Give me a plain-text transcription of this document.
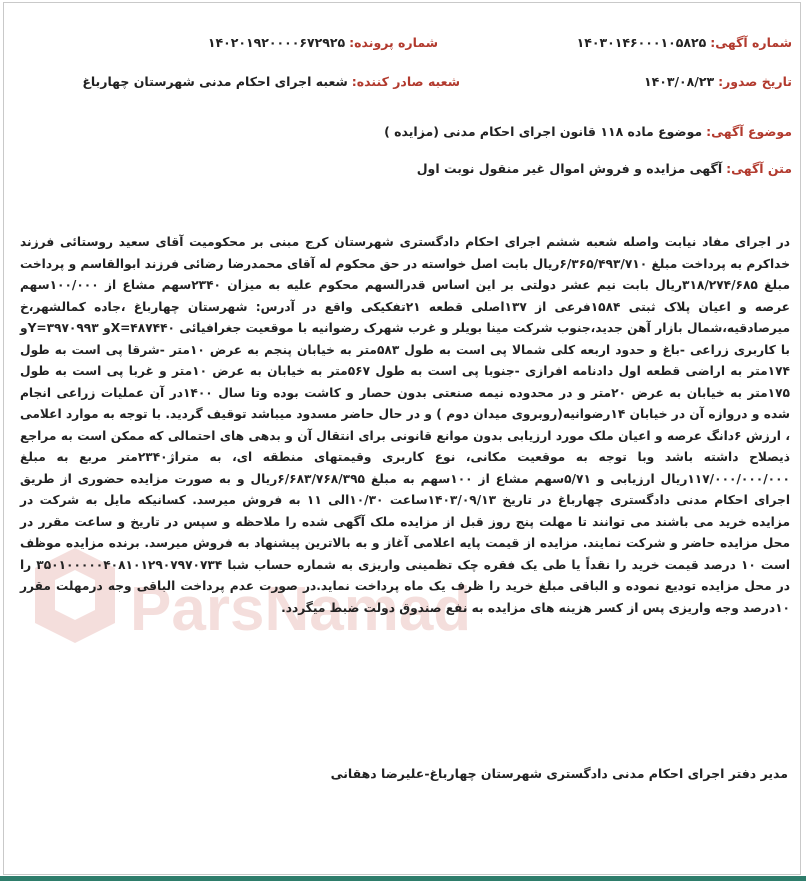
شماره آگهی: ۱۴۰۳۰۱۴۶۰۰۰۱۰۵۸۲۵
شماره پرونده: ۱۴۰۲۰۱۹۲۰۰۰۰۶۷۲۹۲۵
تاریخ صدور: ۱۴۰۳/۰۸/۲۳
شعبه صادر کننده: شعبه اجرای احکام مدنی شهرستان چهارباغ
موضوع آگهی: موضوع ماده ۱۱۸ قانون اجرای احکام مدنی (مزایده )
متن آگهی: آگهی مزایده و فروش اموال غیر منقول نوبت اول
ParsNamad
در اجرای مفاد نیابت واصله شعبه ششم اجرای احکام دادگستری شهرستان کرج مبنی بر محکومیت آقای سعید روستائی فرزند خداکرم به پرداخت مبلغ ۶/۳۶۵/۴۹۳/۷۱۰ریال بابت اصل خواسته در حق محکوم له آقای محمدرضا رضائی فرزند ابوالقاسم و پرداخت مبلغ ۳۱۸/۲۷۴/۶۸۵ریال بابت نیم عشر دولتی بر این اساس قدرالسهم محکوم علیه به میزان ۲۳۴۰سهم مشاع از ۱۰۰/۰۰۰سهم عرصه و اعیان پلاک ثبتی ۱۵۸۴فرعی از ۱۳۷اصلی قطعه ۲۱تفکیکی واقع در آدرس: شهرستان چهارباغ ،جاده کمالشهر،خ میرصادقیه،شمال بازار آهن جدید،جنوب شرکت مینا بویلر و غرب شهرک رضوانیه با موقعیت جغرافیائی X=۴۸۷۴۴۰و Y=۳۹۷۰۹۹۳و با کاربری زراعی -باغ و حدود اربعه کلی شمالا پی است به طول ۵۸۳متر به خیابان پنجم به عرض ۱۰متر -شرقا پی است به طول ۱۷۴متر به اراضی قطعه اول دادنامه افرازی -جنوبا پی است به طول ۵۶۷متر به خیابان به عرض ۱۰متر و غربا پی است به طول ۱۷۵متر به خیابان به عرض ۲۰متر و در محدوده نیمه صنعتی بدون حصار و کاشت بوده وتا سال ۱۴۰۰در آن عملیات زراعی انجام شده و دروازه آن در خیابان ۱۴رضوانیه(روبروی میدان دوم ) و در حال حاضر مسدود میباشد توقیف گردید. با توجه به موارد اعلامی ، ارزش ۶دانگ عرصه و اعیان ملک مورد ارزیابی بدون موانع قانونی برای انتقال آن و بدهی های احتمالی که ممکن است به مراجع ذیصلاح داشته باشد وبا توجه به موقعیت مکانی، نوع کاربری وقیمتهای منطقه ای، به متراژ۲۳۴۰متر مربع به مبلغ ۱۱۷/۰۰۰/۰۰۰/۰۰۰ریال ارزیابی و ۵/۷۱سهم مشاع از ۱۰۰سهم به مبلغ ۶/۶۸۳/۷۶۸/۳۹۵ریال و به صورت مزایده حضوری از طریق اجرای احکام مدنی دادگستری چهارباغ در تاریخ ۱۴۰۳/۰۹/۱۳ساعت ۱۰/۳۰الی ۱۱ به فروش میرسد. کسانیکه مایل به شرکت در مزایده خرید می باشند می توانند تا مهلت پنج روز قبل از مزایده ملک آگهی شده را ملاحظه و سپس در تاریخ و ساعت مقرر در محل مزایده حاضر و شرکت نمایند. مزایده از قیمت پایه اعلامی آغاز و به بالاترین پیشنهاد به فروش میرسد. برنده مزایده موظف است ۱۰ درصد قیمت خرید را نقداً یا طی یک فقره چک تظمینی واریزی به شماره حساب شبا ۳۵۰۱۰۰۰۰۰۴۰۸۱۰۱۲۹۰۷۹۷۰۷۳۴ را در محل مزایده تودیع نموده و الباقی مبلغ خرید را ظرف یک ماه پرداخت نماید.در صورت عدم پرداخت الباقی وجه درمهلت مقرر ۱۰درصد وجه واریزی پس از کسر هزینه های مزایده به نفع صندوق دولت ضبط میگردد.
مدیر دفتر اجرای احکام مدنی دادگستری شهرستان چهارباغ-علیرضا دهقانی
